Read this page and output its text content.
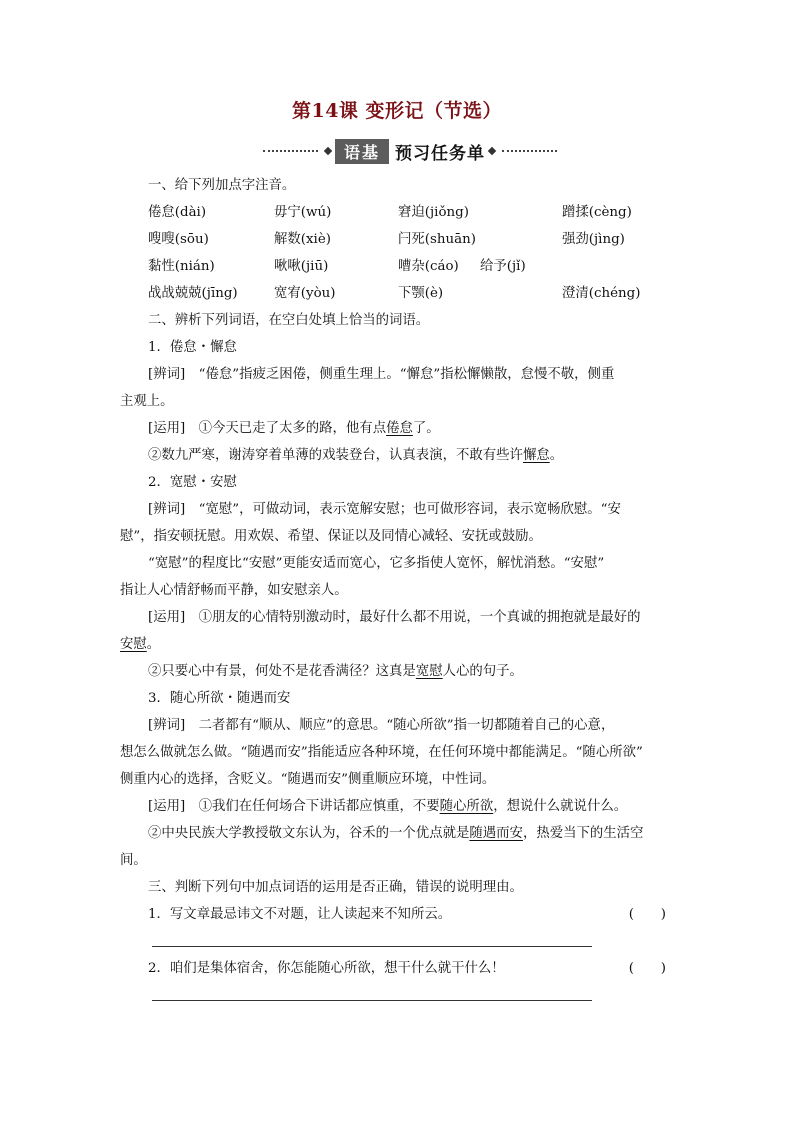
第14课 变形记（节选）
语基 预习任务单
一、给下列加点字注音。
倦怠(dài)	毋宁(wú)	窘迫(jiǒng)	蹭揉(cèng)
嗖嗖(sōu)	解数(xiè)	闩死(shuān)	强劲(jìng)
黏性(nián)	啾啾(jiū)	嘈杂(cáo) 给予(jǐ)
战战兢兢(jīng)	宽宥(yòu)	下颚(è)	澄清(chéng)
二、辨析下列词语，在空白处填上恰当的词语。
1．倦怠・懈怠
[辨词]　“倦怠”指疲乏困倦，侧重生理上。“懈怠”指松懈懒散，怠慢不敬，侧重
主观上。
[运用]　①今天已走了太多的路，他有点倦怠了。
②数九严寒，谢涛穿着单薄的戏装登台，认真表演，不敢有些许懈怠。
2．宽慰・安慰
[辨词]　“宽慰”，可做动词，表示宽解安慰；也可做形容词，表示宽畅欣慰。“安
慰”，指安顿抚慰。用欢娱、希望、保证以及同情心减轻、安抚或鼓励。
“宽慰”的程度比“安慰”更能安适而宽心，它多指使人宽怀，解忧消愁。“安慰”
指让人心情舒畅而平静，如安慰亲人。
[运用]　①朋友的心情特别激动时，最好什么都不用说，一个真诚的拥抱就是最好的
安慰。
②只要心中有景，何处不是花香满径？这真是宽慰人心的句子。
3．随心所欲・随遇而安
[辨词]　二者都有“顺从、顺应”的意思。“随心所欲”指一切都随着自己的心意，
想怎么做就怎么做。“随遇而安”指能适应各种环境，在任何环境中都能满足。“随心所欲”
侧重内心的选择，含贬义。“随遇而安”侧重顺应环境，中性词。
[运用]　①我们在任何场合下讲话都应慎重，不要随心所欲，想说什么就说什么。
②中央民族大学教授敬文东认为，谷禾的一个优点就是随遇而安，热爱当下的生活空
间。
三、判断下列句中加点词语的运用是否正确，错误的说明理由。
1．写文章最忌讳文不对题，让人读起来不知所云。	(　　)
2．咱们是集体宿舍，你怎能随心所欲，想干什么就干什么！	(　　)
